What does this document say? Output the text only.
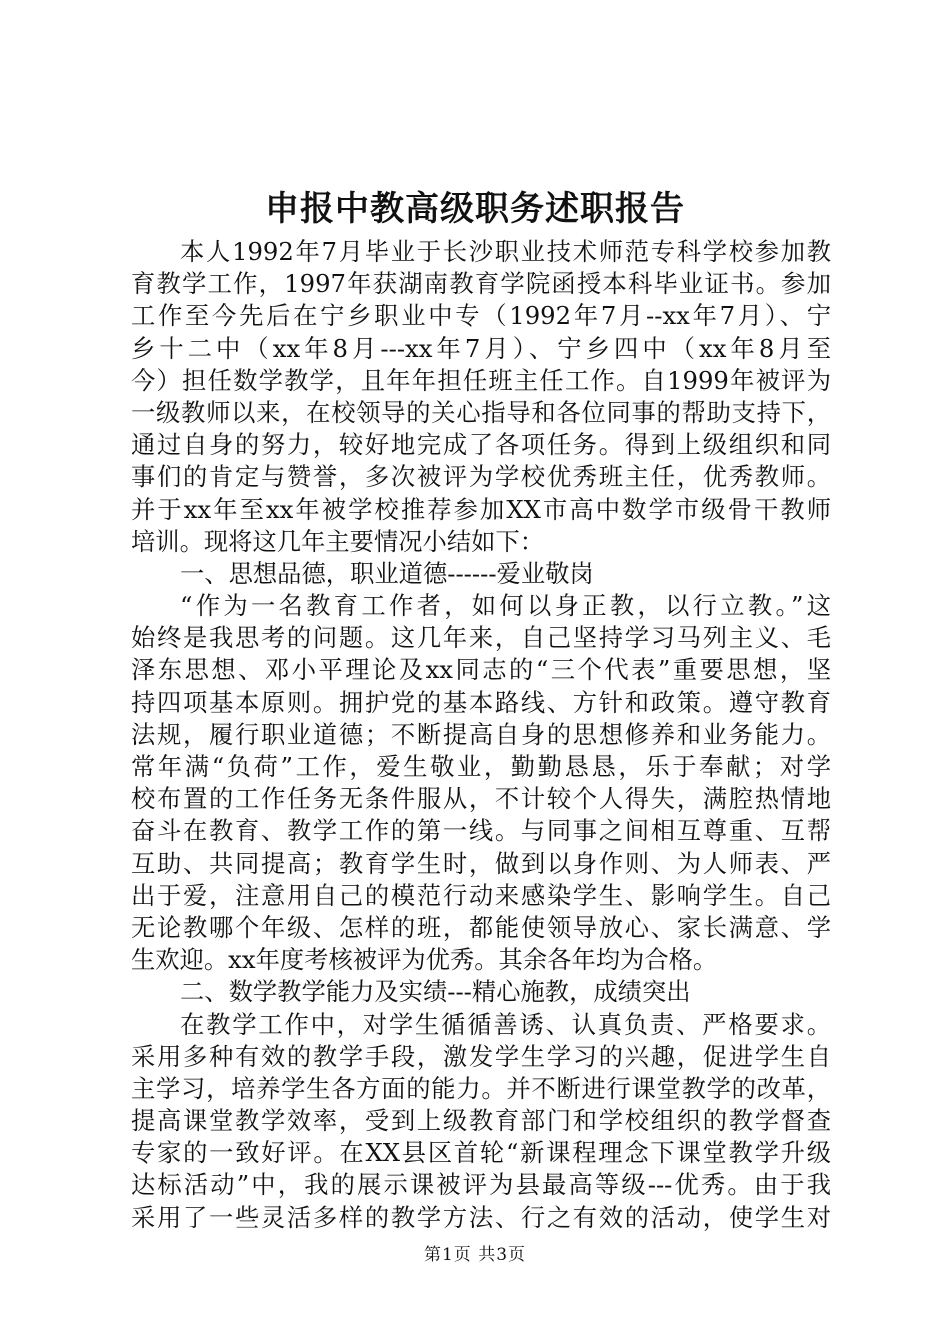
申报中教高级职务述职报告
本人1992年7月毕业于长沙职业技术师范专科学校参加教
育教学工作，1997年获湖南教育学院函授本科毕业证书。参加
工作至今先后在宁乡职业中专（1992年7月--xx年7月）、宁
乡十二中（xx年8月---xx年7月）、宁乡四中（xx年8月至
今）担任数学教学，且年年担任班主任工作。自1999年被评为
一级教师以来，在校领导的关心指导和各位同事的帮助支持下，
通过自身的努力，较好地完成了各项任务。得到上级组织和同
事们的肯定与赞誉，多次被评为学校优秀班主任，优秀教师。
并于xx年至xx年被学校推荐参加XX市高中数学市级骨干教师
培训。现将这几年主要情况小结如下：
一、思想品德，职业道德------爱业敬岗
“作为一名教育工作者，如何以身正教，以行立教。”这
始终是我思考的问题。这几年来，自己坚持学习马列主义、毛
泽东思想、邓小平理论及xx同志的“三个代表”重要思想，坚
持四项基本原则。拥护党的基本路线、方针和政策。遵守教育
法规，履行职业道德；不断提高自身的思想修养和业务能力。
常年满“负荷”工作，爱生敬业，勤勤恳恳，乐于奉献；对学
校布置的工作任务无条件服从，不计较个人得失，满腔热情地
奋斗在教育、教学工作的第一线。与同事之间相互尊重、互帮
互助、共同提高；教育学生时，做到以身作则、为人师表、严
出于爱，注意用自己的模范行动来感染学生、影响学生。自己
无论教哪个年级、怎样的班，都能使领导放心、家长满意、学
生欢迎。xx年度考核被评为优秀。其余各年均为合格。
二、数学教学能力及实绩---精心施教，成绩突出
在教学工作中，对学生循循善诱、认真负责、严格要求。
采用多种有效的教学手段，激发学生学习的兴趣，促进学生自
主学习，培养学生各方面的能力。并不断进行课堂教学的改革，
提高课堂教学效率，受到上级教育部门和学校组织的教学督查
专家的一致好评。在XX县区首轮“新课程理念下课堂教学升级
达标活动”中，我的展示课被评为县最高等级---优秀。由于我
采用了一些灵活多样的教学方法、行之有效的活动，使学生对
第1页 共3页
